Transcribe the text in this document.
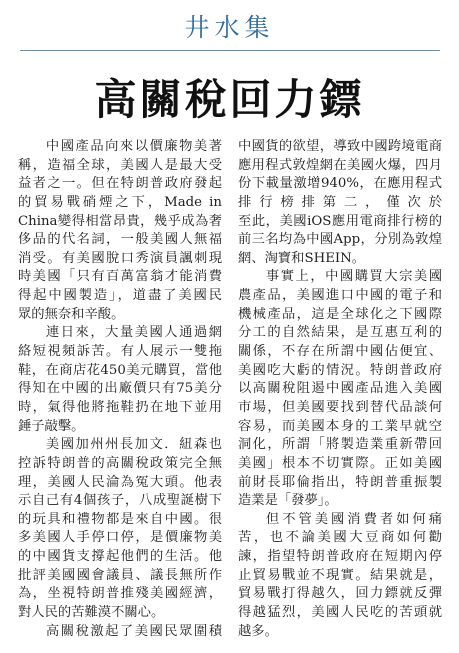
井水集
高關稅回力鏢
中國產品向來以價廉物美著
稱，造福全球，美國人是最大受
益者之一。但在特朗普政府發起
的貿易戰硝煙之下，Made in
China變得相當昂貴，幾乎成為奢
侈品的代名詞，一般美國人無福
消受。有美國脫口秀演員諷刺現
時美國「只有百萬富翁才能消費
得起中國製造」，道盡了美國民
眾的無奈和辛酸。
連日來，大量美國人通過網
絡短視頻訴苦。有人展示一雙拖
鞋，在商店花450美元購買，當他
得知在中國的出廠價只有75美分
時，氣得他將拖鞋扔在地下並用
錘子敲擊。
美國加州州長加文．紐森也
控訴特朗普的高關稅政策完全無
理，美國人民淪為冤大頭。他表
示自己有4個孩子，八成聖誕樹下
的玩具和禮物都是來自中國。很
多美國人手停口停，是價廉物美
的中國貨支撐起他們的生活。他
批評美國國會議員、議長無所作
為，坐視特朗普推殘美國經濟，
對人民的苦難漠不關心。
高關稅激起了美國民眾圍積
中國貨的欲望，導致中國跨境電商
應用程式敦煌網在美國火爆，四月
份下載量激增940%，在應用程式
排行榜排第二，僅次於
至此，美國iOS應用電商排行榜的
前三名均為中國App，分別為敦煌
網、淘寶和SHEIN。
事實上，中國購買大宗美國
農產品，美國進口中國的電子和
機械產品，這是全球化之下國際
分工的自然結果，是互惠互利的
關係，不存在所謂中國佔便宜、
美國吃大虧的情況。特朗普政府
以高關稅阻遏中國產品進入美國
市場，但美國要找到替代品談何
容易，而美國本身的工業早就空
洞化，所謂「將製造業重新帶回
美國」根本不切實際。正如美國
前財長耶倫指出，特朗普重振製
造業是「發夢」。
但不管美國消費者如何痛
苦，也不論美國大豆商如何勸
諫，指望特朗普政府在短期內停
止貿易戰並不現實。結果就是，
貿易戰打得越久，回力鏢就反彈
得越猛烈，美國人民吃的苦頭就
越多。
